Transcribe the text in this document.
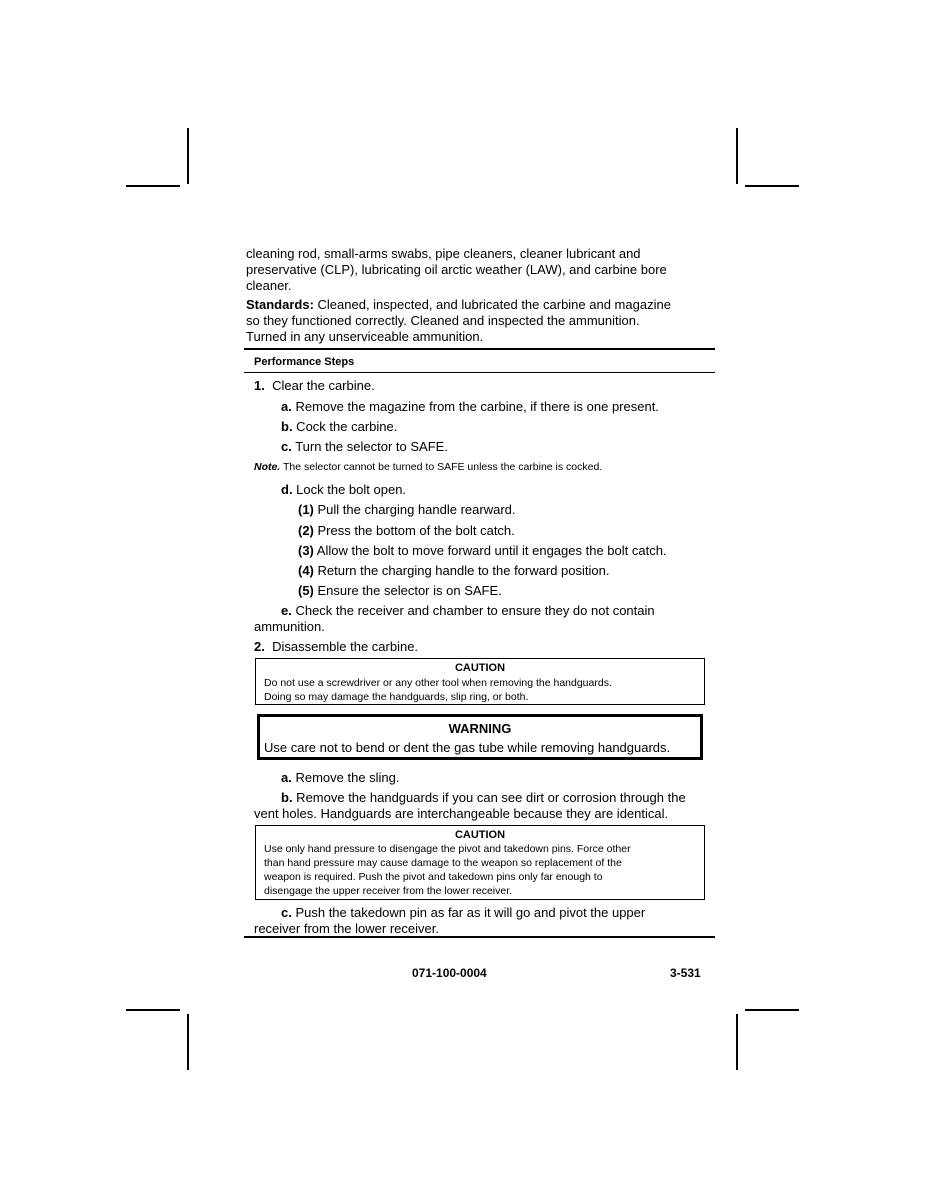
cleaning rod, small-arms swabs, pipe cleaners, cleaner lubricant and

preservative (CLP), lubricating oil arctic weather (LAW), and carbine bore

cleaner.

Standards: Cleaned, inspected, and lubricated the carbine and magazine

so they functioned correctly. Cleaned and inspected the ammunition.

Turned in any unserviceable ammunition.

Performance Steps

1. Clear the carbine.

a. Remove the magazine from the carbine, if there is one present.

b. Cock the carbine.

c. Turn the selector to SAFE.

Note. The selector cannot be turned to SAFE unless the carbine is cocked.

d. Lock the bolt open.

(1) Pull the charging handle rearward.

(2) Press the bottom of the bolt catch.

(3) Allow the bolt to move forward until it engages the bolt catch.

(4) Return the charging handle to the forward position.

(5) Ensure the selector is on SAFE.

e. Check the receiver and chamber to ensure they do not contain

ammunition.

2. Disassemble the carbine.

CAUTION

Do not use a screwdriver or any other tool when removing the handguards.

Doing so may damage the handguards, slip ring, or both.

WARNING

Use care not to bend or dent the gas tube while removing handguards.

a. Remove the sling.

b. Remove the handguards if you can see dirt or corrosion through the

vent holes. Handguards are interchangeable because they are identical.

CAUTION

Use only hand pressure to disengage the pivot and takedown pins. Force other

than hand pressure may cause damage to the weapon so replacement of the

weapon is required. Push the pivot and takedown pins only far enough to

disengage the upper receiver from the lower receiver.

c. Push the takedown pin as far as it will go and pivot the upper

receiver from the lower receiver.

071-100-0004	3-531
